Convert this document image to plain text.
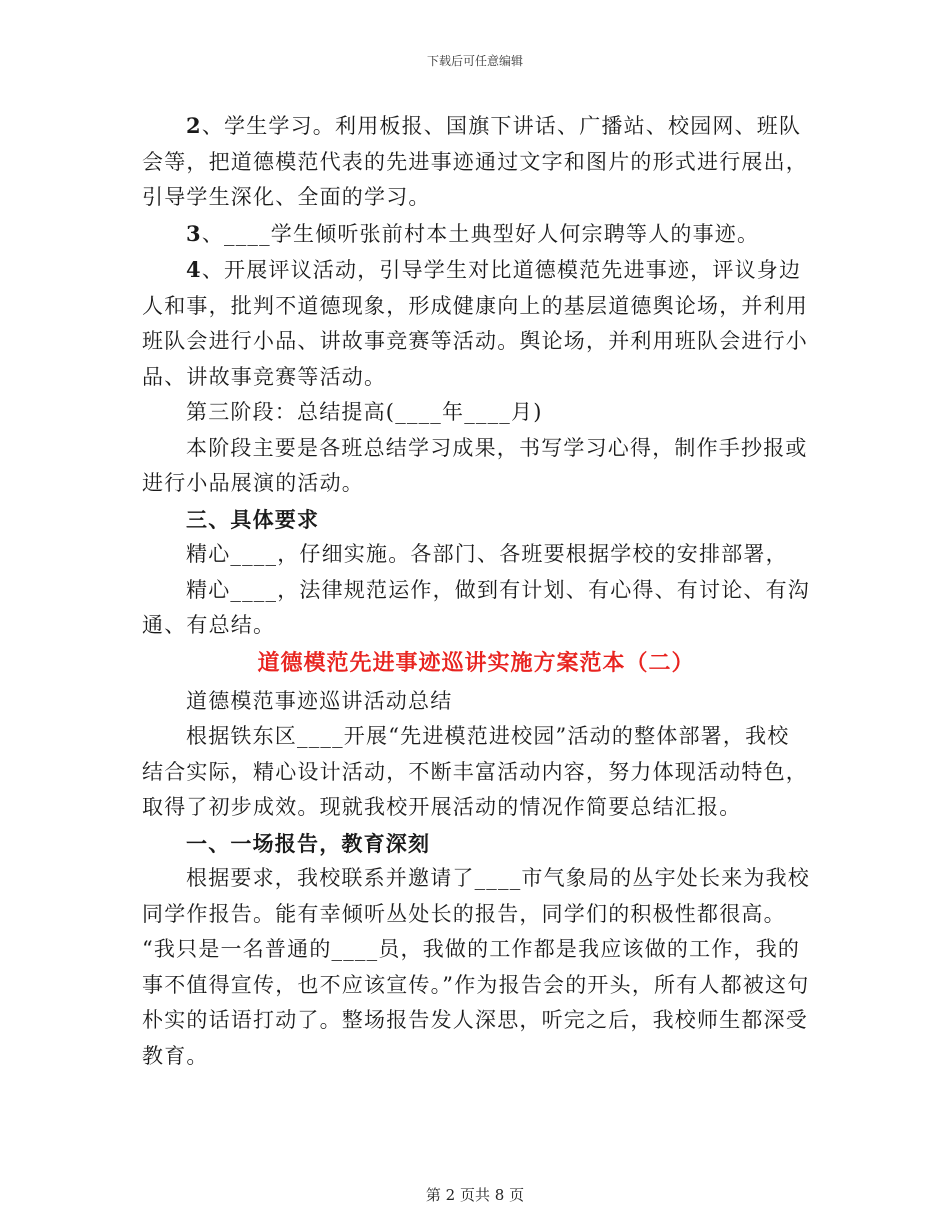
下载后可任意编辑

2、学生学习。利用板报、国旗下讲话、广播站、校园网、班队会等，把道德模范代表的先进事迹通过文字和图片的形式进行展出，引导学生深化、全面的学习。

3、____学生倾听张前村本土典型好人何宗聘等人的事迹。

4、开展评议活动，引导学生对比道德模范先进事迹，评议身边人和事，批判不道德现象，形成健康向上的基层道德舆论场，并利用班队会进行小品、讲故事竞赛等活动。舆论场，并利用班队会进行小品、讲故事竞赛等活动。

第三阶段：总结提高(____年____月)

本阶段主要是各班总结学习成果，书写学习心得，制作手抄报或进行小品展演的活动。

三、具体要求

精心____，仔细实施。各部门、各班要根据学校的安排部署，

精心____，法律规范运作，做到有计划、有心得、有讨论、有沟通、有总结。

道德模范先进事迹巡讲实施方案范本（二）

道德模范事迹巡讲活动总结

根据铁东区____开展“先进模范进校园”活动的整体部署，我校结合实际，精心设计活动，不断丰富活动内容，努力体现活动特色，取得了初步成效。现就我校开展活动的情况作简要总结汇报。

一、一场报告，教育深刻

根据要求，我校联系并邀请了____市气象局的丛宇处长来为我校同学作报告。能有幸倾听丛处长的报告，同学们的积极性都很高。

“我只是一名普通的____员，我做的工作都是我应该做的工作，我的事不值得宣传，也不应该宣传。”作为报告会的开头，所有人都被这句朴实的话语打动了。整场报告发人深思，听完之后，我校师生都深受教育。

第 2 页共 8 页
